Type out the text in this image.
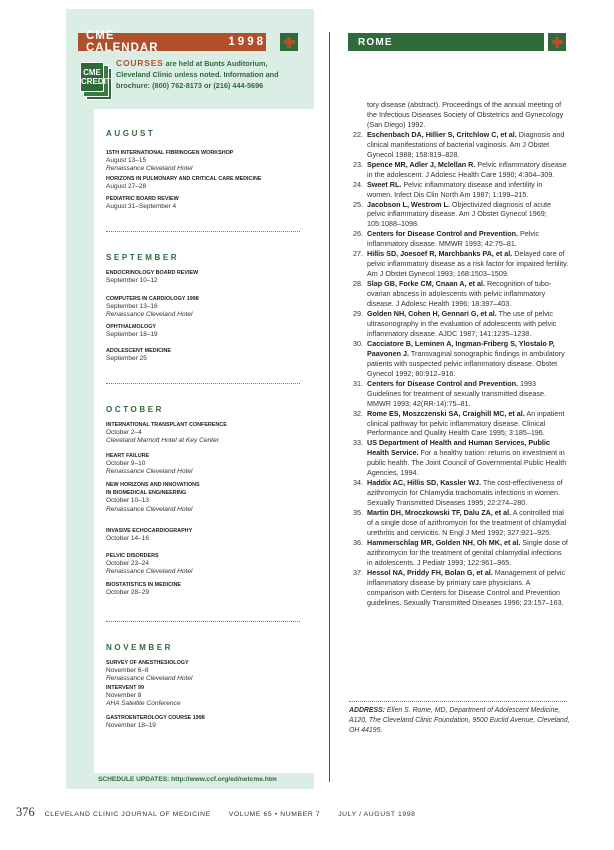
CME CALENDAR	1998
CME CREDIT
COURSES are held at Bunts Auditorium, Cleveland Clinic unless noted. Information and brochure: (800) 762-8173 or (216) 444-5696
AUGUST
15TH INTERNATIONAL FIBRINOGEN WORKSHOP
August 13–15
Renaissance Cleveland Hotel
HORIZONS IN PULMONARY AND CRITICAL CARE MEDICINE
August 27–28
PEDIATRIC BOARD REVIEW
August 31–September 4
SEPTEMBER
ENDOCRINOLOGY BOARD REVIEW
September 10–12
COMPUTERS IN CARDIOLOGY 1998
September 13–16
Renaissance Cleveland Hotel
OPHTHALMOLOGY
September 18–19
ADOLESCENT MEDICINE
September 25
OCTOBER
INTERNATIONAL TRANSPLANT CONFERENCE
October 2–4
Cleveland Marriott Hotel at Key Center
HEART FAILURE
October 9–10
Renaissance Cleveland Hotel
NEW HORIZONS AND INNOVATIONS
IN BIOMEDICAL ENGINEERING
October 10–13
Renaissance Cleveland Hotel
INVASIVE ECHOCARDIOGRAPHY
October 14–16
PELVIC DISORDERS
October 23–24
Renaissance Cleveland Hotel
BIOSTATISTICS IN MEDICINE
October 28–29
NOVEMBER
SURVEY OF ANESTHESIOLOGY
November 6–8
Renaissance Cleveland Hotel
INTERVENT 99
November 8
AHA Satellite Conference
GASTROENTEROLOGY COURSE 1998
November 18–19
SCHEDULE UPDATES: http://www.ccf.org/ed/netcme.htm
ROME
tory disease (abstract). Proceedings of the annual meeting of the Infectious Diseases Society of Obstetrics and Gynecology (San Diego) 1992.
22. Eschenbach DA, Hillier S, Critchlow C, et al. Diagnosis and clinical manifestations of bacterial vaginosis. Am J Obstet Gynecol 1988; 158:819–828.
23. Spence MR, Adler J, Mclellan R. Pelvic inflammatory disease in the adolescent. J Adolesc Health Care 1990; 4:304–309.
24. Sweet RL. Pelvic inflammatory disease and infertility in women. Infect Dis Clin North Am 1987; 1:199–215.
25. Jacobson L, Westrom L. Objectivized diagnosis of acute pelvic inflammatory disease. Am J Obstet Gynecol 1969; 105:1088–1098.
26. Centers for Disease Control and Prevention. Pelvic inflammatory disease. MMWR 1993; 42:75–81.
27. Hillis SD, Joesoef R, Marchbanks PA, et al. Delayed care of pelvic inflammatory disease as a risk factor for impaired fertility. Am J Obstet Gynecol 1993; 168:1503–1509.
28. Slap GB, Forke CM, Cnaan A, et al. Recognition of tubo-ovarian abscess in adolescents with pelvic inflammatory disease. J Adolesc Health 1996; 18:397–403.
29. Golden NH, Cohen H, Gennari G, et al. The use of pelvic ultrasonography in the evaluation of adolescents with pelvic inflammatory disease. AJDC 1987; 141:1235–1238.
30. Cacciatore B, Leminen A, Ingman-Friberg S, Ylostalo P, Paavonen J. Transvaginal sonographic findings in ambulatory patients with suspected pelvic inflammatory disease. Obstet Gynecol 1992; 80:912–916.
31. Centers for Disease Control and Prevention. 1993 Guidelines for treatment of sexually transmitted disease. MMWR 1993; 42(RR-14):75–81.
32. Rome ES, Moszczenski SA, Craighill MC, et al. An inpatient clinical pathway for pelvic inflammatory disease. Clinical Performance and Quality Health Care 1995; 3:185–196.
33. US Department of Health and Human Services, Public Health Service. For a healthy nation: returns on investment in public health. The Joint Council of Governmental Public Health Agencies, 1994.
34. Haddix AC, Hillis SD, Kassler WJ. The cost-effectiveness of azithromycin for Chlamydia trachomatis infections in women. Sexually Transmitted Diseases 1995; 22:274–280.
35. Martin DH, Mroczkowski TF, Dalu ZA, et al. A controlled trial of a single dose of azithromycin for the treatment of chlamydial urethritis and cervicitis. N Engl J Med 1992; 327:921–925.
36. Hammerschlag MR, Golden NH, Oh MK, et al. Single dose of azithromycin for the treatment of genital chlamydial infections in adolescents. J Pediatr 1993; 122:961–965.
37. Hessol NA, Priddy FH, Bolan G, et al. Management of pelvic inflammatory disease by primary care physicians. A comparison with Centers for Disease Control and Prevention guidelines. Sexually Transmitted Diseases 1996; 23:157–163.
ADDRESS: Ellen S. Rome, MD, Department of Adolescent Medicine, A120, The Cleveland Clinic Foundation, 9500 Euclid Avenue, Cleveland, OH 44195.
376 CLEVELAND CLINIC JOURNAL OF MEDICINE	VOLUME 65 • NUMBER 7	JULY / AUGUST 1998
